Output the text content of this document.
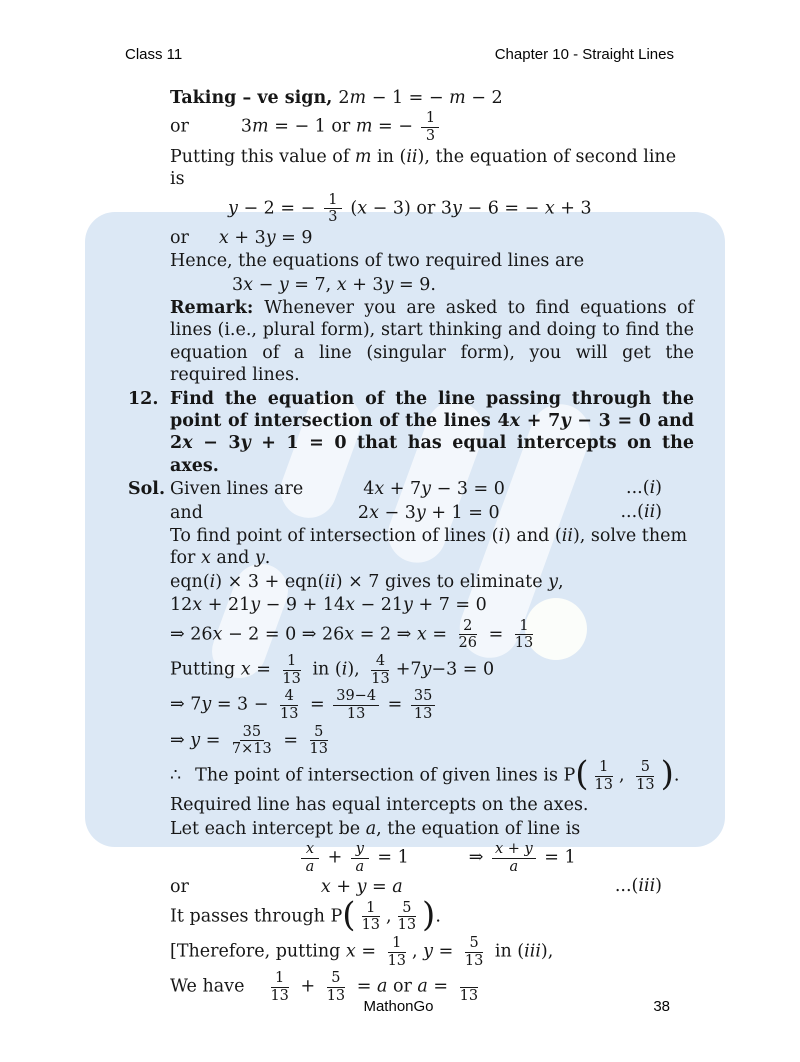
Class 11	Chapter 10 - Straight Lines
Taking – ve sign, 2m − 1 = − m − 2
or	3m = − 1 or m = − $\frac{1}{3}$
Putting this value of m in (ii), the equation of second line is
y − 2 = − $\frac{1}{3} (x - 3)$ or 3y − 6 = − x + 3
or x + 3y = 9
Hence, the equations of two required lines are
3x − y = 7, x + 3y = 9.
Remark: Whenever you are asked to find equations of lines (i.e., plural form), start thinking and doing to find the equation of a line (singular form), you will get the required lines.
12. Find the equation of the line passing through the point of intersection of the lines 4x + 7y − 3 = 0 and 2x − 3y + 1 = 0 that has equal intercepts on the axes.
Sol. Given lines are	4x + 7y − 3 = 0	...(i)
and	2x − 3y + 1 = 0	...(ii)
To find point of intersection of lines (i) and (ii), solve them for x and y.
eqn(i) × 3 + eqn(ii) × 7 gives to eliminate y,
12x + 21y − 9 + 14x − 21y + 7 = 0
⇒ 26x − 2 = 0 ⇒ 26x = 2 ⇒ $x = \frac{2}{26} = \frac{1}{13}$
Putting $x = \frac{1}{13}$ in (i), $\frac{4}{13} +7y-3 = 0$
⇒ $7y = 3 - \frac{4}{13} = \frac{39-4}{13} = \frac{35}{13}$
⇒ $y = \frac{35}{7\times 13} = \frac{5}{13}$
∴ The point of intersection of given lines is $P( \frac{1}{13}$ , $\frac{5}{13}$ ).
Required line has equal intercepts on the axes.
Let each intercept be a, the equation of line is
$\frac{x}{a} + \frac{y}{a} = 1$	⇒ $\frac{x + y}{a} = 1$
or	x + y = a	...(iii)
It passes through $P( \frac{1}{13}$ , $\frac{5}{13}$ ).
[Therefore, putting $x = \frac{1}{13}$ , $y = \frac{5}{13}$ in (iii),
We have $\frac{1}{13} + \frac{5}{13} = a$ or a =
13
MathonGo	38
